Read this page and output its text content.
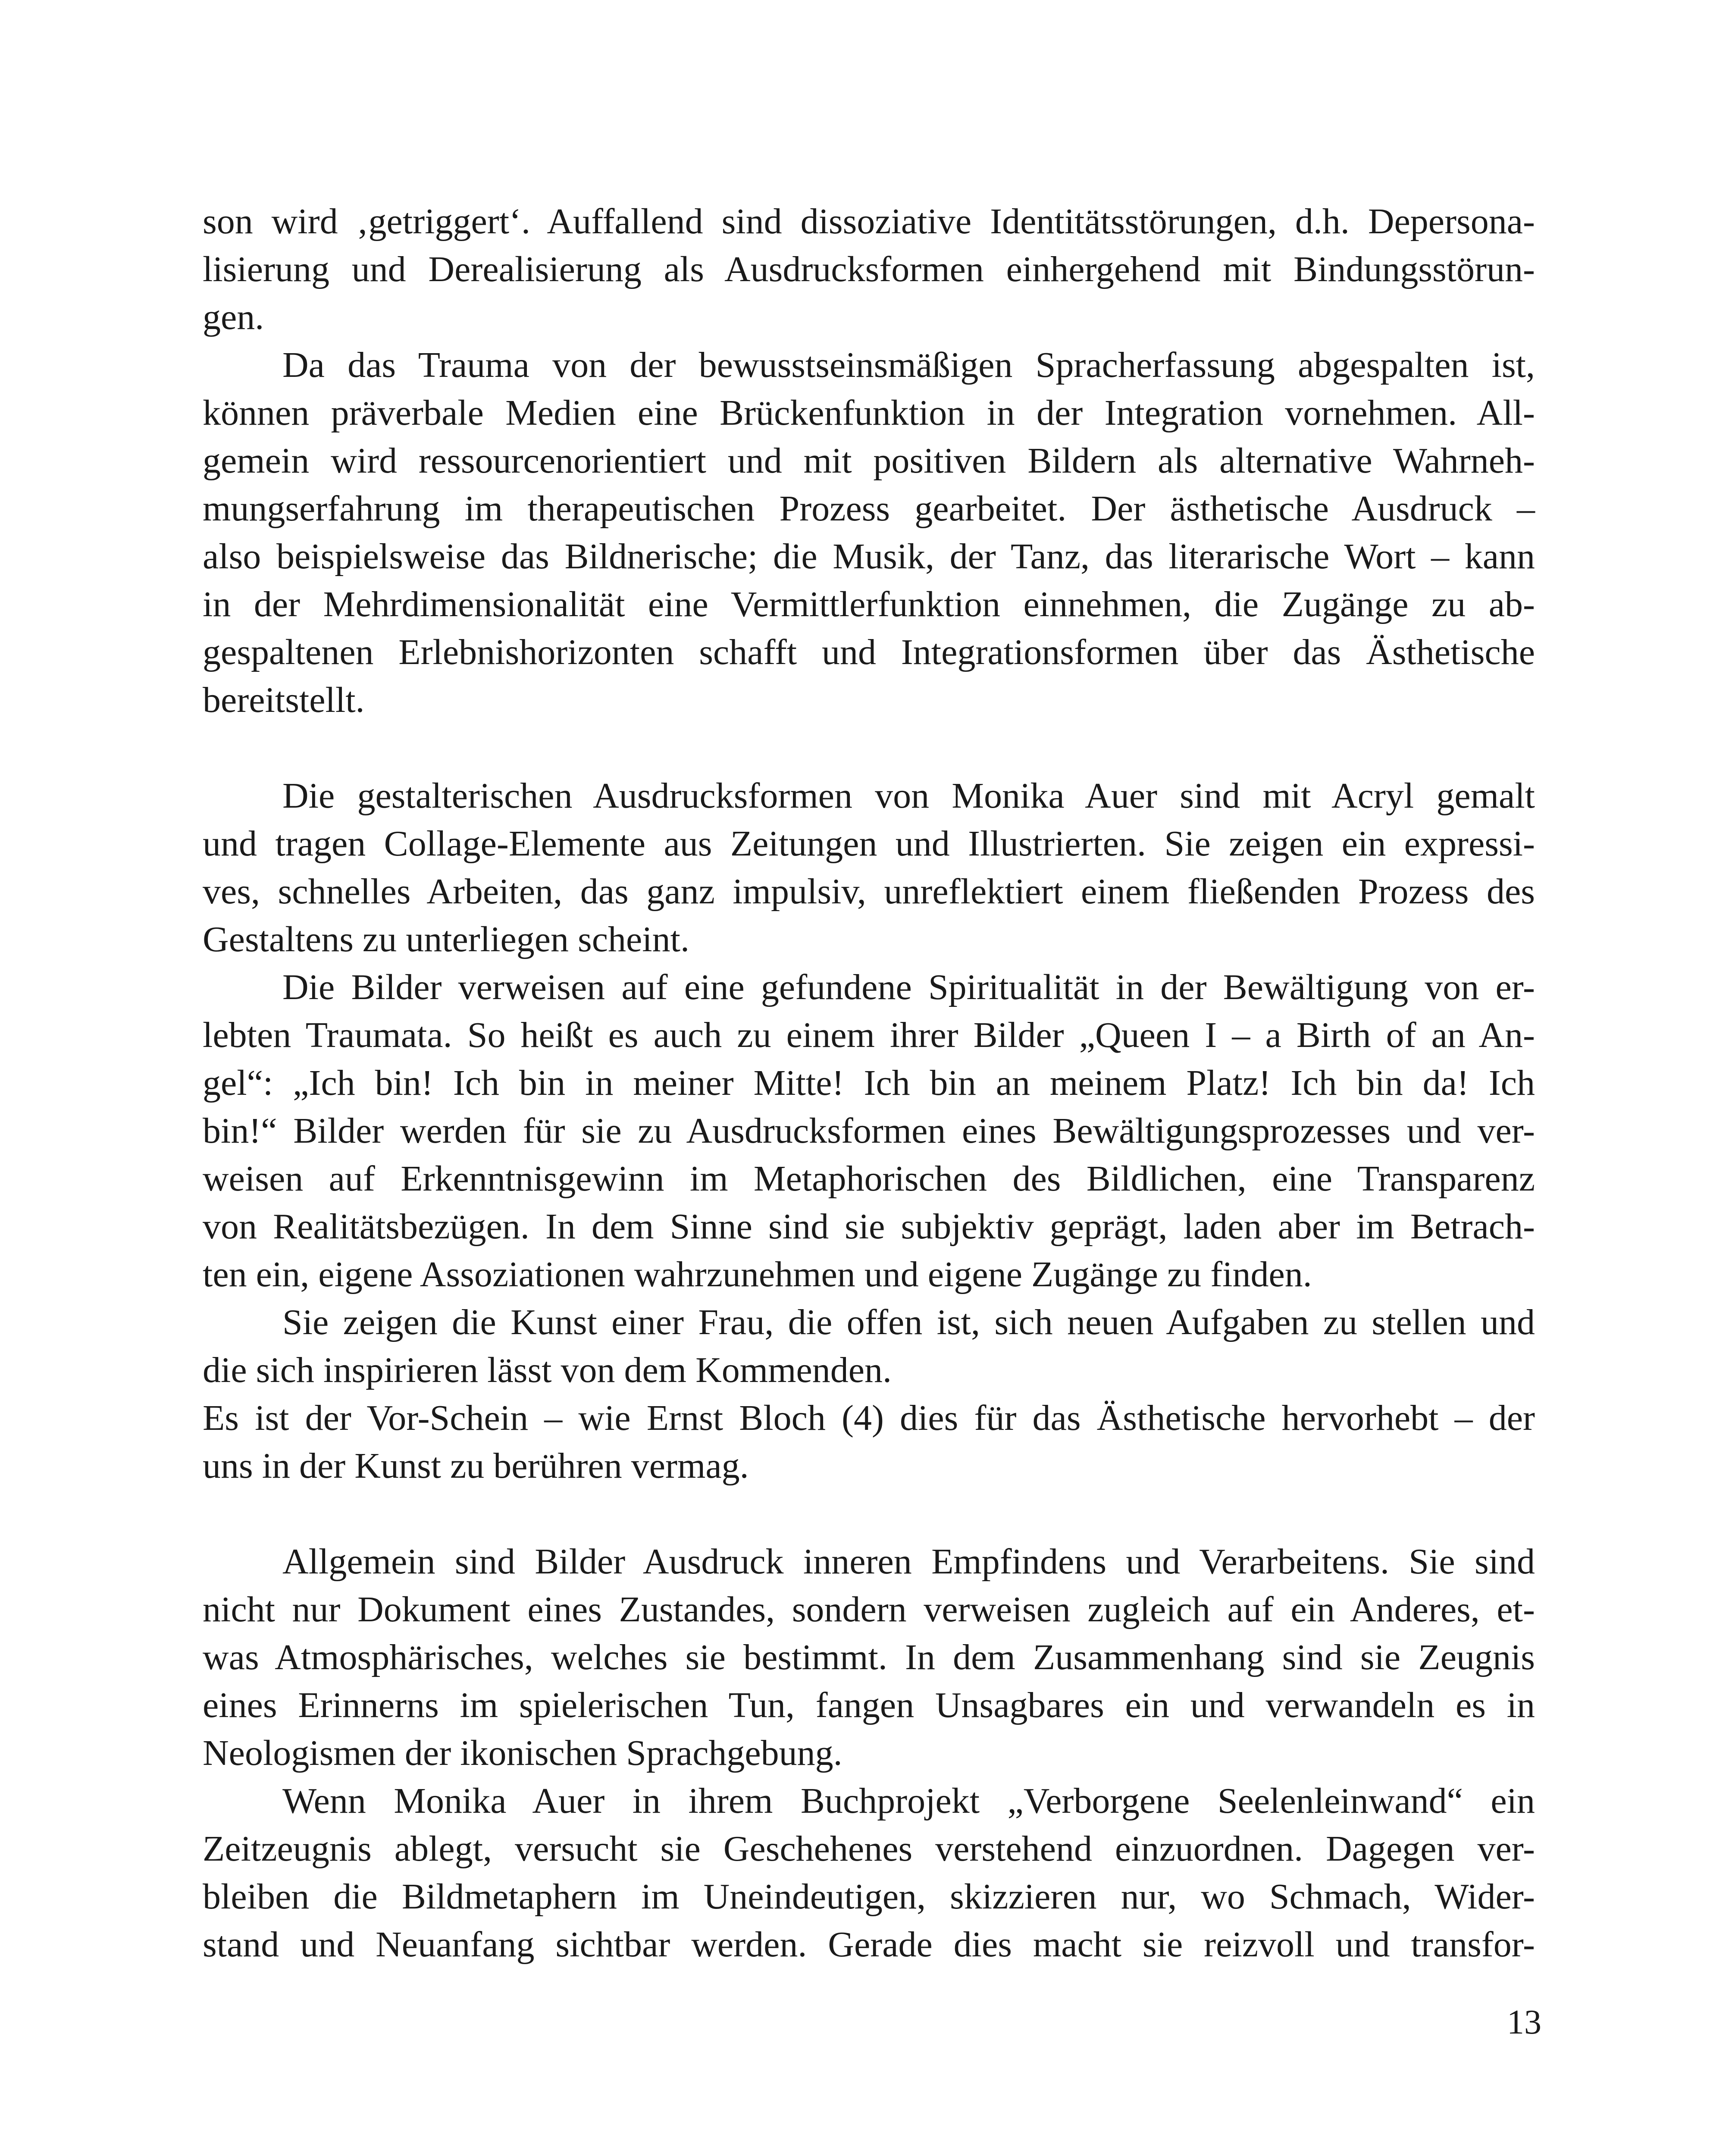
son wird ‚getriggert‘. Auffallend sind dissoziative Identitätsstörungen, d.h. Depersona-
lisierung und Derealisierung als Ausdrucksformen einhergehend mit Bindungsstörun-
gen.
Da das Trauma von der bewusstseinsmäßigen Spracherfassung abgespalten ist,
können präverbale Medien eine Brückenfunktion in der Integration vornehmen. All-
gemein wird ressourcenorientiert und mit positiven Bildern als alternative Wahrneh-
mungserfahrung im therapeutischen Prozess gearbeitet. Der ästhetische Ausdruck –
also beispielsweise das Bildnerische; die Musik, der Tanz, das literarische Wort – kann
in der Mehrdimensionalität eine Vermittlerfunktion einnehmen, die Zugänge zu ab-
gespaltenen Erlebnishorizonten schafft und Integrationsformen über das Ästhetische
bereitstellt.
Die gestalterischen Ausdrucksformen von Monika Auer sind mit Acryl gemalt
und tragen Collage-Elemente aus Zeitungen und Illustrierten. Sie zeigen ein expressi-
ves, schnelles Arbeiten, das ganz impulsiv, unreflektiert einem fließenden Prozess des
Gestaltens zu unterliegen scheint.
Die Bilder verweisen auf eine gefundene Spiritualität in der Bewältigung von er-
lebten Traumata. So heißt es auch zu einem ihrer Bilder „Queen I – a Birth of an An-
gel“: „Ich bin! Ich bin in meiner Mitte! Ich bin an meinem Platz! Ich bin da! Ich
bin!“ Bilder werden für sie zu Ausdrucksformen eines Bewältigungsprozesses und ver-
weisen auf Erkenntnisgewinn im Metaphorischen des Bildlichen, eine Transparenz
von Realitätsbezügen. In dem Sinne sind sie subjektiv geprägt, laden aber im Betrach-
ten ein, eigene Assoziationen wahrzunehmen und eigene Zugänge zu finden.
Sie zeigen die Kunst einer Frau, die offen ist, sich neuen Aufgaben zu stellen und
die sich inspirieren lässt von dem Kommenden.
Es ist der Vor-Schein – wie Ernst Bloch (4) dies für das Ästhetische hervorhebt – der
uns in der Kunst zu berühren vermag.
Allgemein sind Bilder Ausdruck inneren Empfindens und Verarbeitens. Sie sind
nicht nur Dokument eines Zustandes, sondern verweisen zugleich auf ein Anderes, et-
was Atmosphärisches, welches sie bestimmt. In dem Zusammenhang sind sie Zeugnis
eines Erinnerns im spielerischen Tun, fangen Unsagbares ein und verwandeln es in
Neologismen der ikonischen Sprachgebung.
Wenn Monika Auer in ihrem Buchprojekt „Verborgene Seelenleinwand“ ein
Zeitzeugnis ablegt, versucht sie Geschehenes verstehend einzuordnen. Dagegen ver-
bleiben die Bildmetaphern im Uneindeutigen, skizzieren nur, wo Schmach, Wider-
stand und Neuanfang sichtbar werden. Gerade dies macht sie reizvoll und transfor-
13
